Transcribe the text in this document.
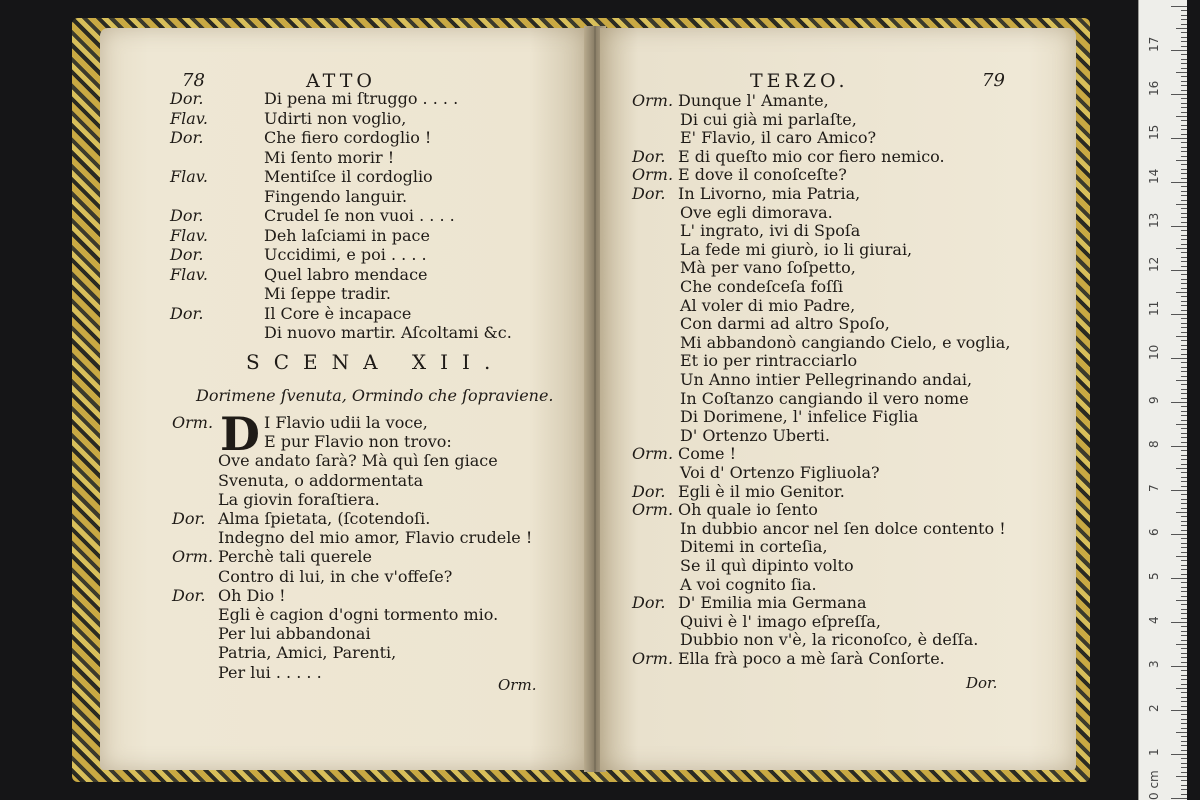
78	ATTO
Dor.	Di pena mi ſtruggo . . . .
Flav.	Udirti non voglio,
Dor.	Che fiero cordoglio !
Mi ſento morir !
Flav.	Mentiſce il cordoglio
Fingendo languir.
Dor.	Crudel ſe non vuoi . . . .
Flav.	Deh laſciami in pace
Dor.	Uccidimi, e poi . . . .
Flav.	Quel labro mendace
Mi ſeppe tradir.
Dor.	Il Core è incapace
Di nuovo martir. Aſcoltami &c.
SCENA XII.
Dorimene ſvenuta, Ormindo che ſopraviene.
D
Orm.	I Flavio udii la voce,
E pur Flavio non trovo:
Ove andato ſarà? Mà quì ſen giace
Svenuta, o addormentata
La giovin foraſtiera.
Dor. Alma ſpietata, (ſcotendoſi.
Indegno del mio amor, Flavio crudele !
Orm. Perchè tali querele
Contro di lui, in che v'offeſe?
Dor. Oh Dio !
Egli è cagion d'ogni tormento mio.
Per lui abbandonai
Patria, Amici, Parenti,
Per lui . . . . .
Orm.
TERZO.	79
Orm. Dunque l' Amante,
Di cui già mi parlaſte,
E' Flavio, il caro Amico?
Dor. E di queſto mio cor fiero nemico.
Orm. E dove il conoſceſte?
Dor. In Livorno, mia Patria,
Ove egli dimorava.
L' ingrato, ivi di Spoſa
La fede mi giurò, io li giurai,
Mà per vano ſoſpetto,
Che condeſceſa foſſi
Al voler di mio Padre,
Con darmi ad altro Spoſo,
Mi abbandonò cangiando Cielo, e voglia,
Et io per rintracciarlo
Un Anno intier Pellegrinando andai,
In Coſtanzo cangiando il vero nome
Di Dorimene, l' infelice Figlia
D' Ortenzo Uberti.
Orm. Come !
Voi d' Ortenzo Figliuola?
Dor. Egli è il mio Genitor.
Orm. Oh quale io ſento
In dubbio ancor nel ſen dolce contento !
Ditemi in corteſia,
Se il quì dipinto volto
A voi cognito ſia.
Dor. D' Emilia mia Germana
Quivi è l' imago eſpreſſa,
Dubbio non v'è, la riconoſco, è deſſa.
Orm. Ella frà poco a mè ſarà Conſorte.
Dor.
17
16
15
14
13
12
11
10
9
8
7
6
5
4
3
2
1
0 cm
